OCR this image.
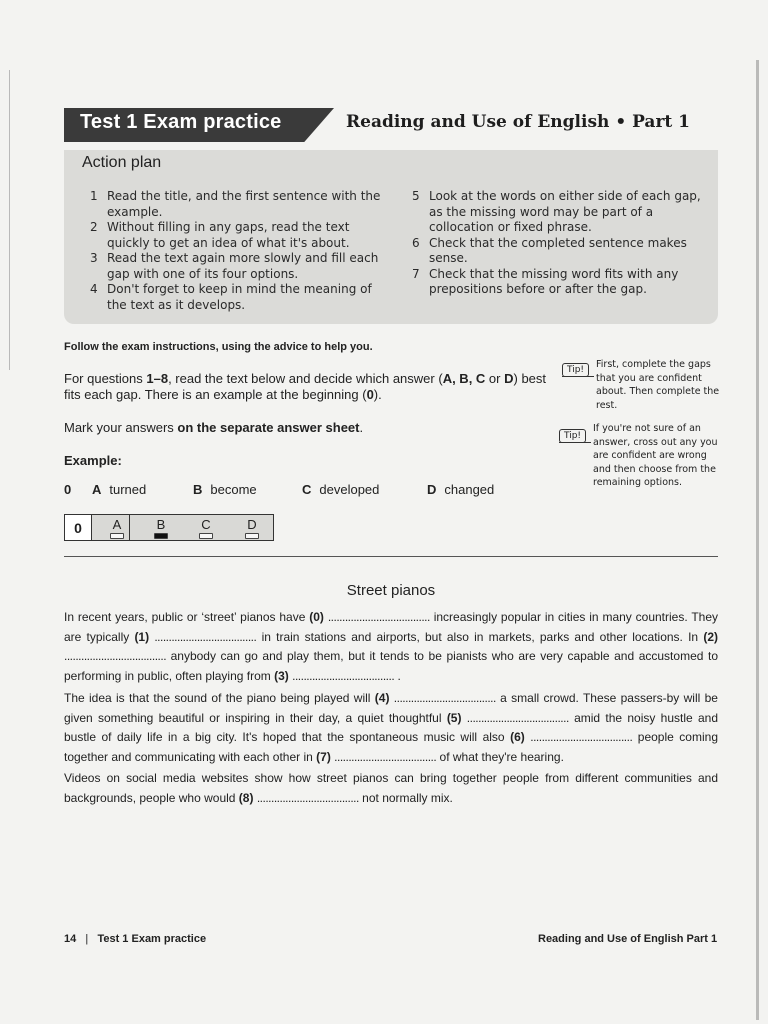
Test 1 Exam practice	Reading and Use of English • Part 1
Action plan
1 Read the title, and the first sentence with the example.
2 Without filling in any gaps, read the text quickly to get an idea of what it's about.
3 Read the text again more slowly and fill each gap with one of its four options.
4 Don't forget to keep in mind the meaning of the text as it develops.
5 Look at the words on either side of each gap, as the missing word may be part of a collocation or fixed phrase.
6 Check that the completed sentence makes sense.
7 Check that the missing word fits with any prepositions before or after the gap.
Follow the exam instructions, using the advice to help you.
For questions 1–8, read the text below and decide which answer (A, B, C or D) best fits each gap. There is an example at the beginning (0).
Mark your answers on the separate answer sheet.
Example:
0 A turned	B become	C developed	D changed
Tip!	First, complete the gaps that you are confident about. Then complete the rest.
Tip!
If you're not sure of an answer, cross out any you are confident are wrong and then choose from the remaining options.
0	A	B	C	D
Street pianos
In recent years, public or ‘street’ pianos have (0) .................................... increasingly popular in cities in many countries. They are typically (1) .................................... in train stations and airports, but also in markets, parks and other locations. In (2) .................................... anybody can go and play them, but it tends to be pianists who are very capable and accustomed to performing in public, often playing from (3) .................................... .
The idea is that the sound of the piano being played will (4) .................................... a small crowd. These passers-by will be given something beautiful or inspiring in their day, a quiet thoughtful (5) .................................... amid the noisy hustle and bustle of daily life in a big city. It's hoped that the spontaneous music will also (6) .................................... people coming together and communicating with each other in (7) .................................... of what they're hearing.
Videos on social media websites show how street pianos can bring together people from different communities and backgrounds, people who would (8) .................................... not normally mix.
14 | Test 1 Exam practice	Reading and Use of English Part 1
